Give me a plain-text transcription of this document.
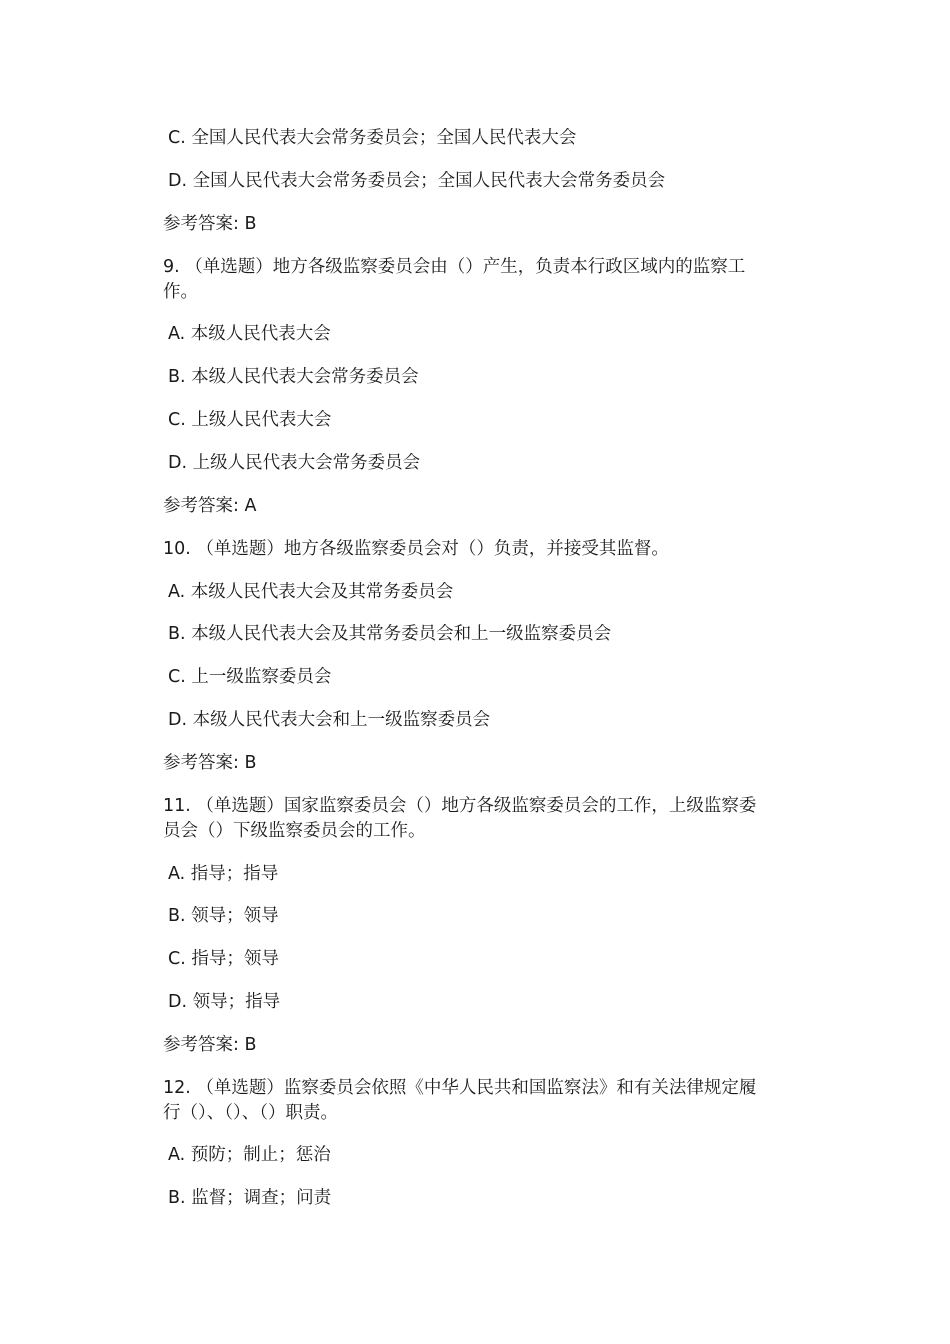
C. 全国人民代表大会常务委员会；全国人民代表大会
D. 全国人民代表大会常务委员会；全国人民代表大会常务委员会
参考答案: B
9. （单选题）地方各级监察委员会由（）产生，负责本行政区域内的监察工
作。
A. 本级人民代表大会
B. 本级人民代表大会常务委员会
C. 上级人民代表大会
D. 上级人民代表大会常务委员会
参考答案: A
10. （单选题）地方各级监察委员会对（）负责，并接受其监督。
A. 本级人民代表大会及其常务委员会
B. 本级人民代表大会及其常务委员会和上一级监察委员会
C. 上一级监察委员会
D. 本级人民代表大会和上一级监察委员会
参考答案: B
11. （单选题）国家监察委员会（）地方各级监察委员会的工作，上级监察委
员会（）下级监察委员会的工作。
A. 指导；指导
B. 领导；领导
C. 指导；领导
D. 领导；指导
参考答案: B
12. （单选题）监察委员会依照《中华人民共和国监察法》和有关法律规定履
行（）、（）、（）职责。
A. 预防；制止；惩治
B. 监督；调查；问责
